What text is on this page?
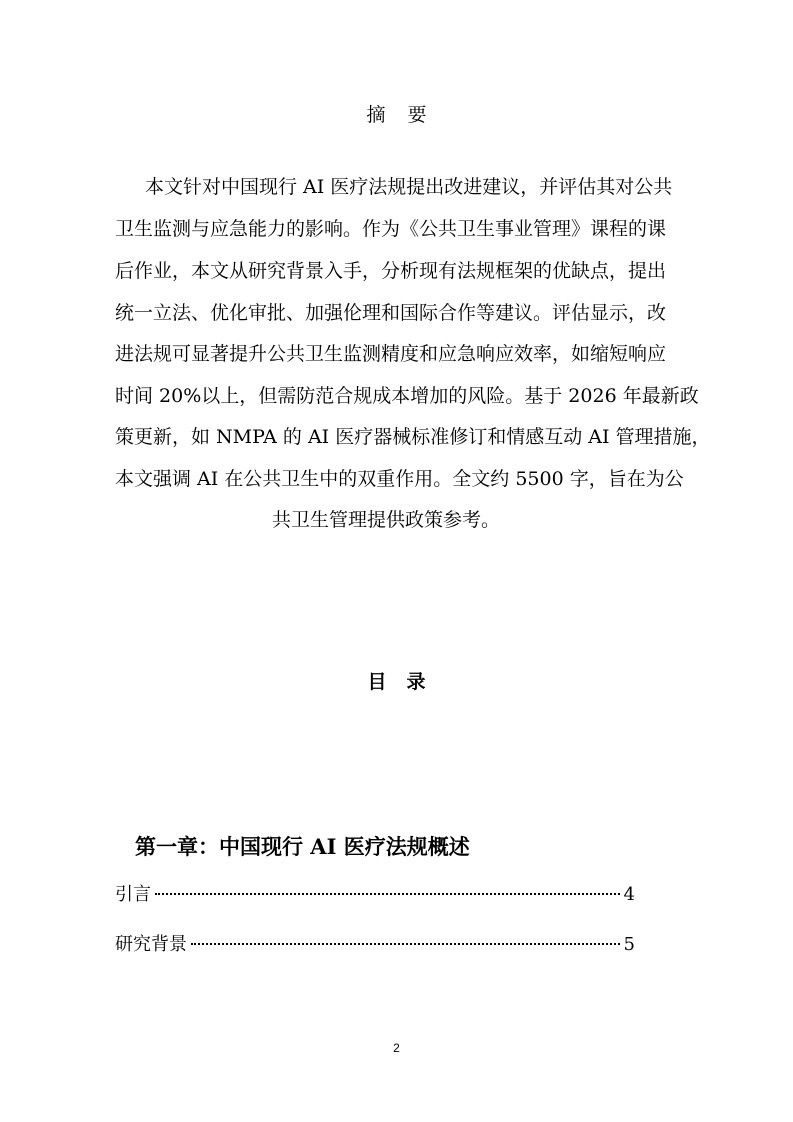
摘要
本文针对中国现行 AI 医疗法规提出改进建议，并评估其对公共
卫生监测与应急能力的影响。作为《公共卫生事业管理》课程的课
后作业，本文从研究背景入手，分析现有法规框架的优缺点，提出
统一立法、优化审批、加强伦理和国际合作等建议。评估显示，改
进法规可显著提升公共卫生监测精度和应急响应效率，如缩短响应
时间 20%以上，但需防范合规成本增加的风险。基于 2026 年最新政
策更新，如 NMPA 的 AI 医疗器械标准修订和情感互动 AI 管理措施，
本文强调 AI 在公共卫生中的双重作用。全文约 5500 字，旨在为公
共卫生管理提供政策参考。
目录
第一章：中国现行 AI 医疗法规概述
引言	4
研究背景	5
2
